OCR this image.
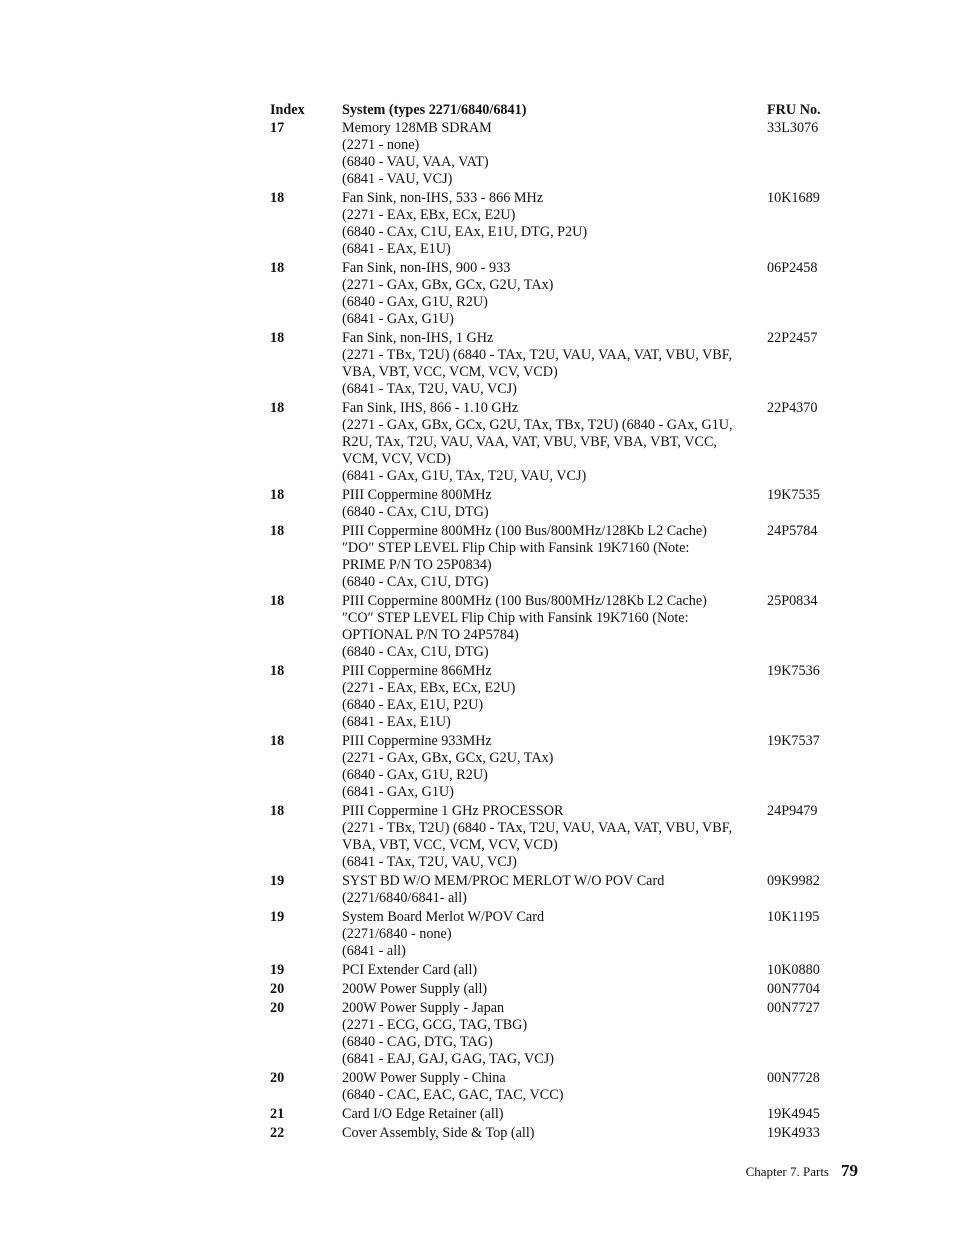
Index	System (types 2271/6840/6841)	FRU No.
17	Memory 128MB SDRAM
(2271 - none)
(6840 - VAU, VAA, VAT)
(6841 - VAU, VCJ)	33L3076
18	Fan Sink, non-IHS, 533 - 866 MHz
(2271 - EAx, EBx, ECx, E2U)
(6840 - CAx, C1U, EAx, E1U, DTG, P2U)
(6841 - EAx, E1U)	10K1689
18	Fan Sink, non-IHS, 900 - 933
(2271 - GAx, GBx, GCx, G2U, TAx)
(6840 - GAx, G1U, R2U)
(6841 - GAx, G1U)	06P2458
18	Fan Sink, non-IHS, 1 GHz
(2271 - TBx, T2U) (6840 - TAx, T2U, VAU, VAA, VAT, VBU, VBF,
VBA, VBT, VCC, VCM, VCV, VCD)
(6841 - TAx, T2U, VAU, VCJ)	22P2457
18	Fan Sink, IHS, 866 - 1.10 GHz
(2271 - GAx, GBx, GCx, G2U, TAx, TBx, T2U) (6840 - GAx, G1U,
R2U, TAx, T2U, VAU, VAA, VAT, VBU, VBF, VBA, VBT, VCC,
VCM, VCV, VCD)
(6841 - GAx, G1U, TAx, T2U, VAU, VCJ)	22P4370
18	PIII Coppermine 800MHz
(6840 - CAx, C1U, DTG)	19K7535
18	PIII Coppermine 800MHz (100 Bus/800MHz/128Kb L2 Cache)
″DO″ STEP LEVEL Flip Chip with Fansink 19K7160 (Note:
PRIME P/N TO 25P0834)
(6840 - CAx, C1U, DTG)	24P5784
18	PIII Coppermine 800MHz (100 Bus/800MHz/128Kb L2 Cache)
″CO″ STEP LEVEL Flip Chip with Fansink 19K7160 (Note:
OPTIONAL P/N TO 24P5784)
(6840 - CAx, C1U, DTG)	25P0834
18	PIII Coppermine 866MHz
(2271 - EAx, EBx, ECx, E2U)
(6840 - EAx, E1U, P2U)
(6841 - EAx, E1U)	19K7536
18	PIII Coppermine 933MHz
(2271 - GAx, GBx, GCx, G2U, TAx)
(6840 - GAx, G1U, R2U)
(6841 - GAx, G1U)	19K7537
18	PIII Coppermine 1 GHz PROCESSOR
(2271 - TBx, T2U) (6840 - TAx, T2U, VAU, VAA, VAT, VBU, VBF,
VBA, VBT, VCC, VCM, VCV, VCD)
(6841 - TAx, T2U, VAU, VCJ)	24P9479
19	SYST BD W/O MEM/PROC MERLOT W/O POV Card
(2271/6840/6841- all)	09K9982
19	System Board Merlot W/POV Card
(2271/6840 - none)
(6841 - all)	10K1195
19	PCI Extender Card (all)	10K0880
20	200W Power Supply (all)	00N7704
20	200W Power Supply - Japan
(2271 - ECG, GCG, TAG, TBG)
(6840 - CAG, DTG, TAG)
(6841 - EAJ, GAJ, GAG, TAG, VCJ)	00N7727
20	200W Power Supply - China
(6840 - CAC, EAC, GAC, TAC, VCC)	00N7728
21	Card I/O Edge Retainer (all)	19K4945
22	Cover Assembly, Side & Top (all)	19K4933
Chapter 7. Parts 79
